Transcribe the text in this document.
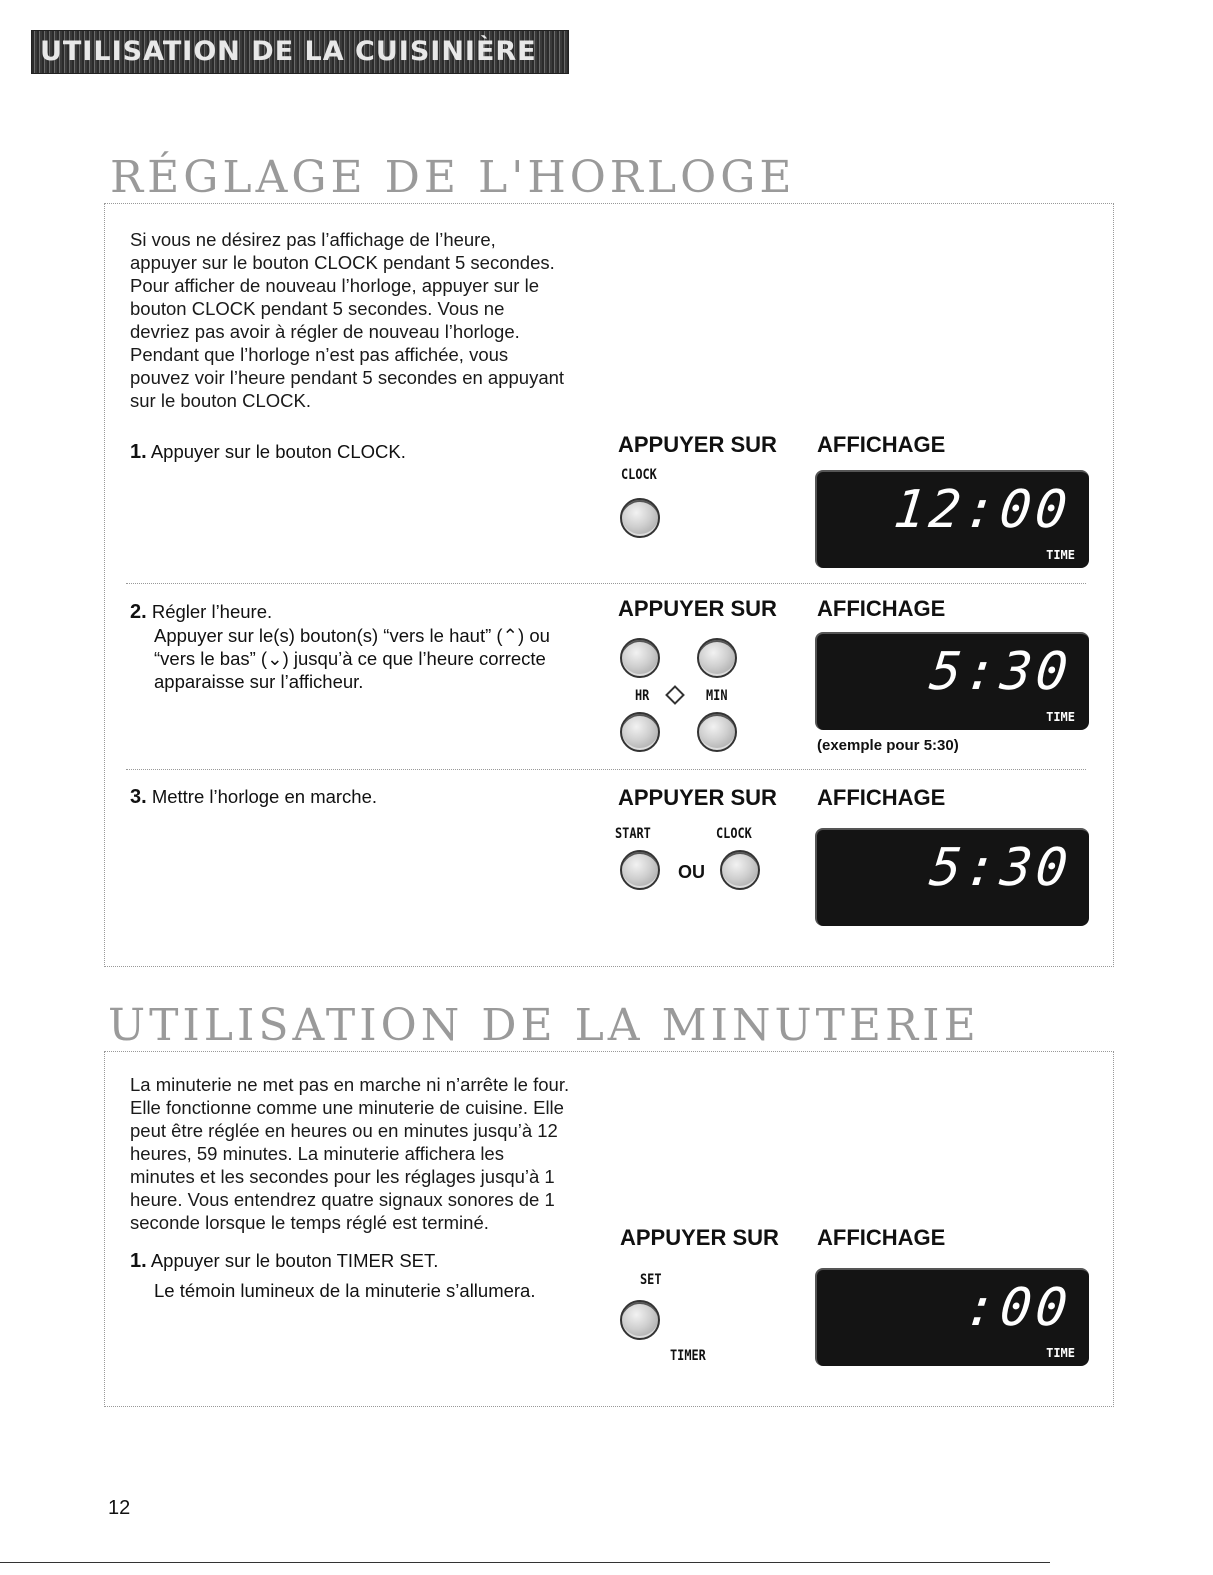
UTILISATION DE LA CUISINIÈRE
RÉGLAGE DE L'HORLOGE
Si vous ne désirez pas l’affichage de l’heure,
appuyer sur le bouton CLOCK pendant 5 secondes.
Pour afficher de nouveau l’horloge, appuyer sur le
bouton CLOCK pendant 5 secondes. Vous ne
devriez pas avoir à régler de nouveau l’horloge.
Pendant que l’horloge n’est pas affichée, vous
pouvez voir l’heure pendant 5 secondes en appuyant
sur le bouton CLOCK.
1. Appuyer sur le bouton CLOCK.	APPUYER SUR AFFICHAGE
CLOCK
12:00
TIME
2. Régler l’heure.
Appuyer sur le(s) bouton(s) “vers le haut” (⌃) ou
“vers le bas” (⌄) jusqu’à ce que l’heure correcte
apparaisse sur l’afficheur.
APPUYER SUR AFFICHAGE
HR	MIN	5:30
TIME
(exemple pour 5:30)
3. Mettre l’horloge en marche.	APPUYER SUR AFFICHAGE
START	CLOCK
OU	5:30
UTILISATION DE LA MINUTERIE
La minuterie ne met pas en marche ni n’arrête le four.
Elle fonctionne comme une minuterie de cuisine. Elle
peut être réglée en heures ou en minutes jusqu’à 12
heures, 59 minutes. La minuterie affichera les
minutes et les secondes pour les réglages jusqu’à 1
heure. Vous entendrez quatre signaux sonores de 1
seconde lorsque le temps réglé est terminé.
1. Appuyer sur le bouton TIMER SET.
Le témoin lumineux de la minuterie s’allumera.
APPUYER SUR AFFICHAGE
SET
TIMER
:00
TIME
12
